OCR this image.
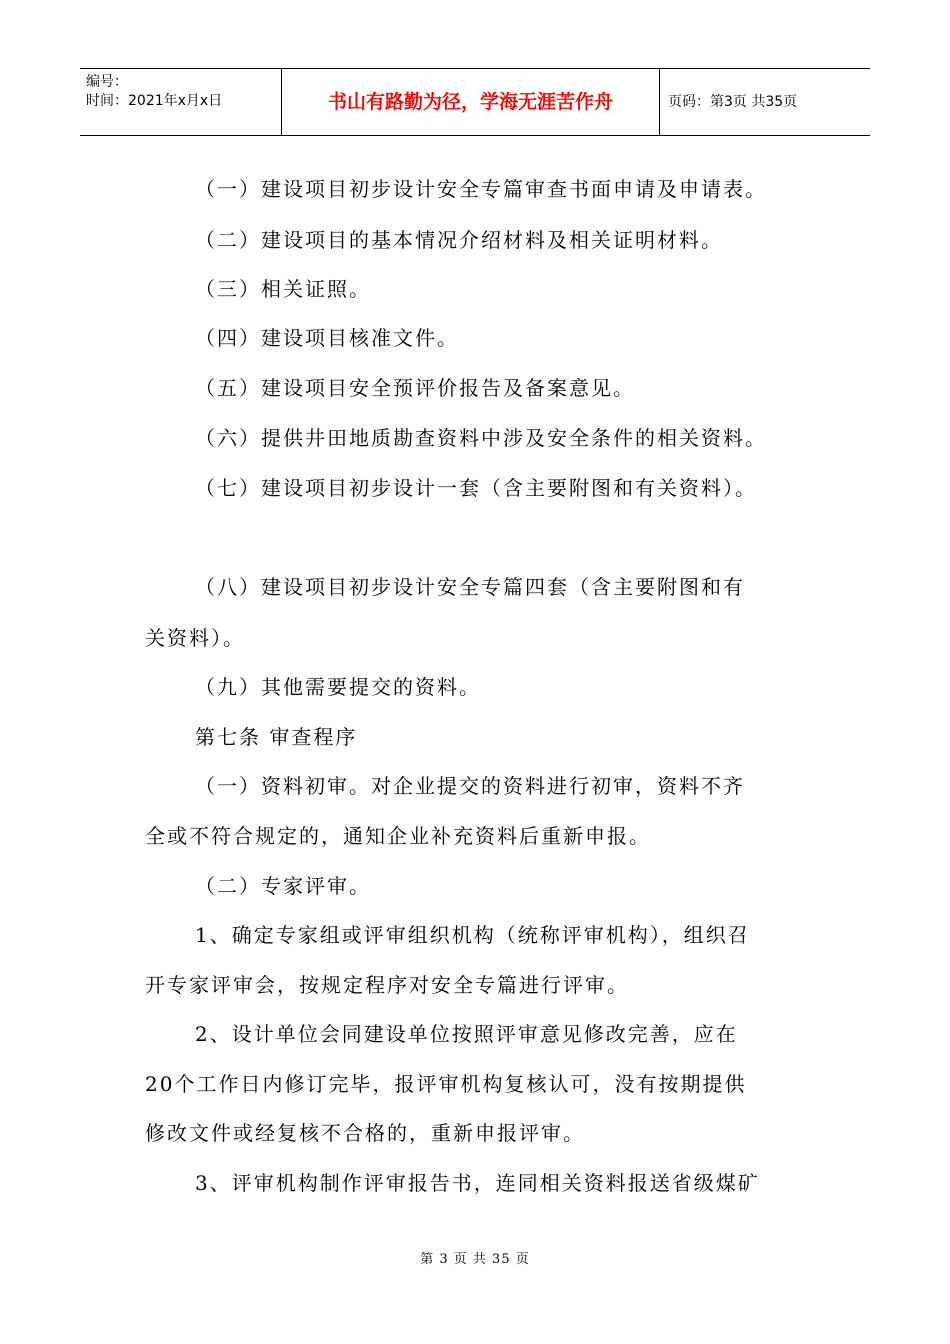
编号：
时间：2021年x月x日	书山有路勤为径，学海无涯苦作舟	页码：第3页 共35页
（一）建设项目初步设计安全专篇审查书面申请及申请表。
（二）建设项目的基本情况介绍材料及相关证明材料。
（三）相关证照。
（四）建设项目核准文件。
（五）建设项目安全预评价报告及备案意见。
（六）提供井田地质勘查资料中涉及安全条件的相关资料。
（七）建设项目初步设计一套（含主要附图和有关资料）。
（八）建设项目初步设计安全专篇四套（含主要附图和有
关资料）。
（九）其他需要提交的资料。
第七条 审查程序
（一）资料初审。对企业提交的资料进行初审，资料不齐
全或不符合规定的，通知企业补充资料后重新申报。
（二）专家评审。
1、确定专家组或评审组织机构（统称评审机构），组织召
开专家评审会，按规定程序对安全专篇进行评审。
2、设计单位会同建设单位按照评审意见修改完善，应在
20个工作日内修订完毕，报评审机构复核认可，没有按期提供
修改文件或经复核不合格的，重新申报评审。
3、评审机构制作评审报告书，连同相关资料报送省级煤矿
第 3 页 共 35 页
